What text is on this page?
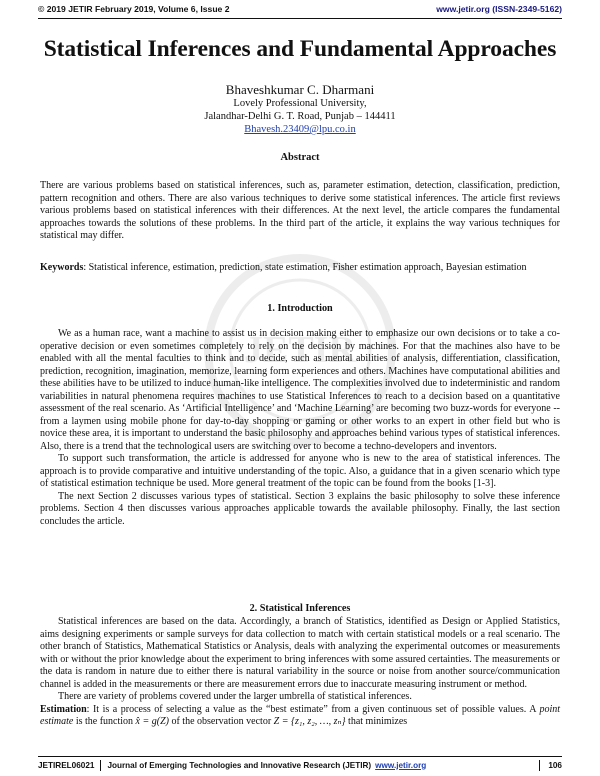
JETIR
© 2019 JETIR February 2019, Volume 6, Issue 2	www.jetir.org (ISSN-2349-5162)
Statistical Inferences and Fundamental Approaches
Bhaveshkumar C. Dharmani
Lovely Professional University,
Jalandhar-Delhi G. T. Road, Punjab – 144411
Bhavesh.23409@lpu.co.in
Abstract
There are various problems based on statistical inferences, such as, parameter estimation, detection, classification, prediction, pattern recognition and others. There are also various techniques to derive some statistical inferences. The article first reviews various problems based on statistical inferences with their differences. At the next level, the article compares the fundamental approaches towards the solutions of these problems. In the third part of the article, it explains the way various techniques for statistical may differ.
Keywords: Statistical inference, estimation, prediction, state estimation, Fisher estimation approach, Bayesian estimation
1. Introduction

We as a human race, want a machine to assist us in decision making either to emphasize our own decisions or to take a co-operative decision or even sometimes completely to rely on the decision by machines. For that the machines also have to be enabled with all the mental faculties to think and to decide, such as mental abilities of analysis, differentiation, classification, prediction, recognition, imagination, memorize, learning form experiences and others. Machines have computational abilities and these abilities have to be utilized to induce human-like intelligence. The complexities involved due to indeterministic and random variabilities in natural phenomena requires machines to use Statistical Inferences to reach to a decision based on a quantitative assessment of the real scenario. As ‘Artificial Intelligence’ and ‘Machine Learning’ are becoming two buzz-words for everyone -- from a laymen using mobile phone for day-to-day shopping or gaming or other works to an expert in other field but who is novice these area, it is important to understand the basic philosophy and approaches behind various types of statistical inferences. Also, there is a trend that the technological users are switching over to become a techno-developers and inventors.

To support such transformation, the article is addressed for anyone who is new to the area of statistical inferences. The approach is to provide comparative and intuitive understanding of the topic. Also, a guidance that in a given scenario which type of statistical estimation technique be used. More general treatment of the topic can be found from the books [1-3].

The next Section 2 discusses various types of statistical. Section 3 explains the basic philosophy to solve these inference problems. Section 4 then discusses various approaches applicable towards the available philosophy. Finally, the last section concludes the article.

2. Statistical Inferences

Statistical inferences are based on the data. Accordingly, a branch of Statistics, identified as Design or Applied Statistics, aims designing experiments or sample surveys for data collection to match with certain statistical models or a real scenario. The other branch of Statistics, Mathematical Statistics or Analysis, deals with analyzing the experimental outcomes or measurements with or without the prior knowledge about the experiment to bring inferences with some assured certainties. The measurements or the data is random in nature due to either there is natural variability in the source or noise from another source/communication channel is added in the measurements or there are measurement errors due to inaccurate measuring instrument or method.

There are variety of problems covered under the larger umbrella of statistical inferences.

Estimation: It is a process of selecting a value as the “best estimate” from a given continuous set of possible values. A point estimate is the function x̂ = g(Z) of the observation vector Z = {z₁, z₂, …, zₙ} that minimizes

JETIREL06021 Journal of Emerging Technologies and Innovative Research (JETIR) www.jetir.org	106
